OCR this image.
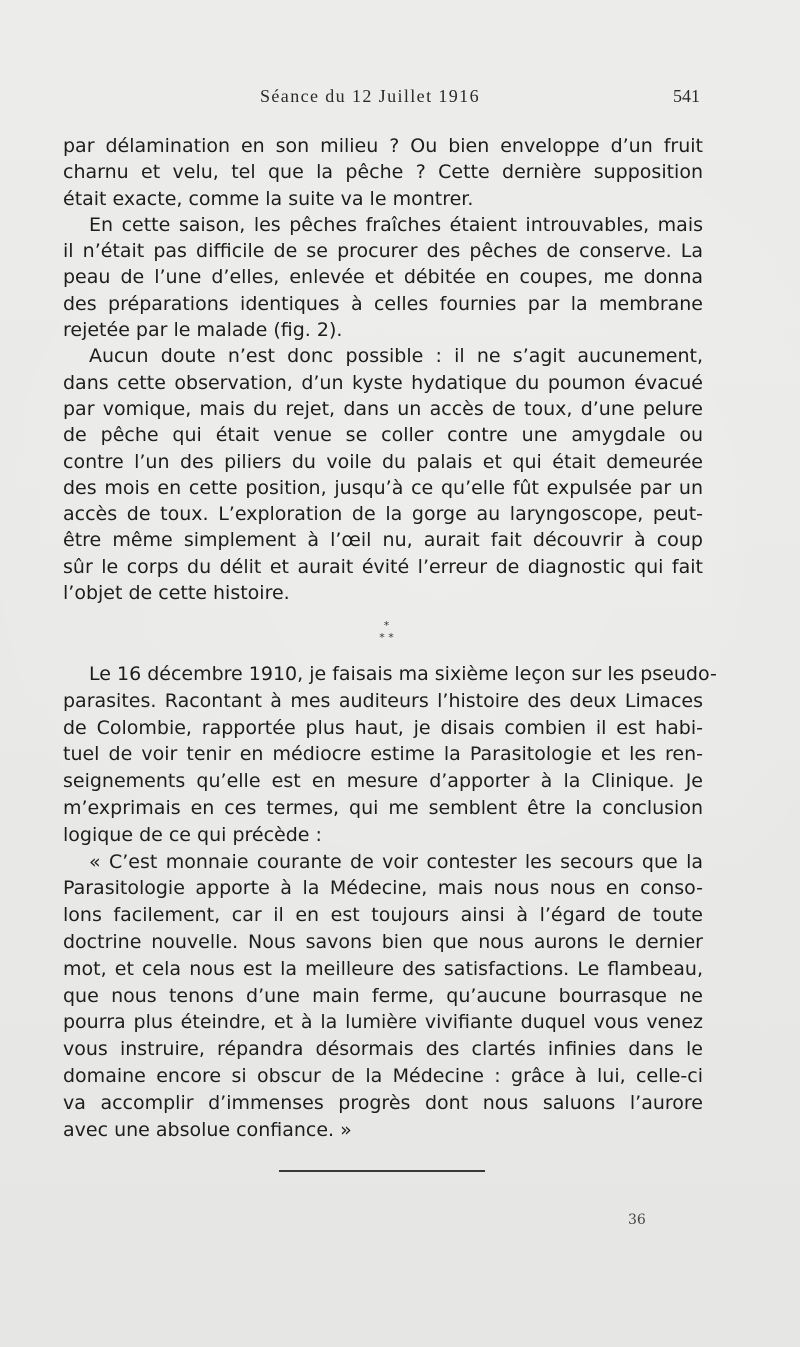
Séance du 12 Juillet 1916	541
par délamination en son milieu ? Ou bien enveloppe d’un fruit
charnu et velu, tel que la pêche ? Cette dernière supposition
était exacte, comme la suite va le montrer.
En cette saison, les pêches fraîches étaient introuvables, mais
il n’était pas difficile de se procurer des pêches de conserve. La
peau de l’une d’elles, enlevée et débitée en coupes, me donna
des préparations identiques à celles fournies par la membrane
rejetée par le malade (fig. 2).
Aucun doute n’est donc possible : il ne s’agit aucunement,
dans cette observation, d’un kyste hydatique du poumon évacué
par vomique, mais du rejet, dans un accès de toux, d’une pelure
de pêche qui était venue se coller contre une amygdale ou
contre l’un des piliers du voile du palais et qui était demeurée
des mois en cette position, jusqu’à ce qu’elle fût expulsée par un
accès de toux. L’exploration de la gorge au laryngoscope, peut-
être même simplement à l’œil nu, aurait fait découvrir à coup
sûr le corps du délit et aurait évité l’erreur de diagnostic qui fait
l’objet de cette histoire.
*
* *
Le 16 décembre 1910, je faisais ma sixième leçon sur les pseudo-
parasites. Racontant à mes auditeurs l’histoire des deux Limaces
de Colombie, rapportée plus haut, je disais combien il est habi-
tuel de voir tenir en médiocre estime la Parasitologie et les ren-
seignements qu’elle est en mesure d’apporter à la Clinique. Je
m’exprimais en ces termes, qui me semblent être la conclusion
logique de ce qui précède :
« C’est monnaie courante de voir contester les secours que la
Parasitologie apporte à la Médecine, mais nous nous en conso-
lons facilement, car il en est toujours ainsi à l’égard de toute
doctrine nouvelle. Nous savons bien que nous aurons le dernier
mot, et cela nous est la meilleure des satisfactions. Le flambeau,
que nous tenons d’une main ferme, qu’aucune bourrasque ne
pourra plus éteindre, et à la lumière vivifiante duquel vous venez
vous instruire, répandra désormais des clartés infinies dans le
domaine encore si obscur de la Médecine : grâce à lui, celle-ci
va accomplir d’immenses progrès dont nous saluons l’aurore
avec une absolue confiance. »
36
